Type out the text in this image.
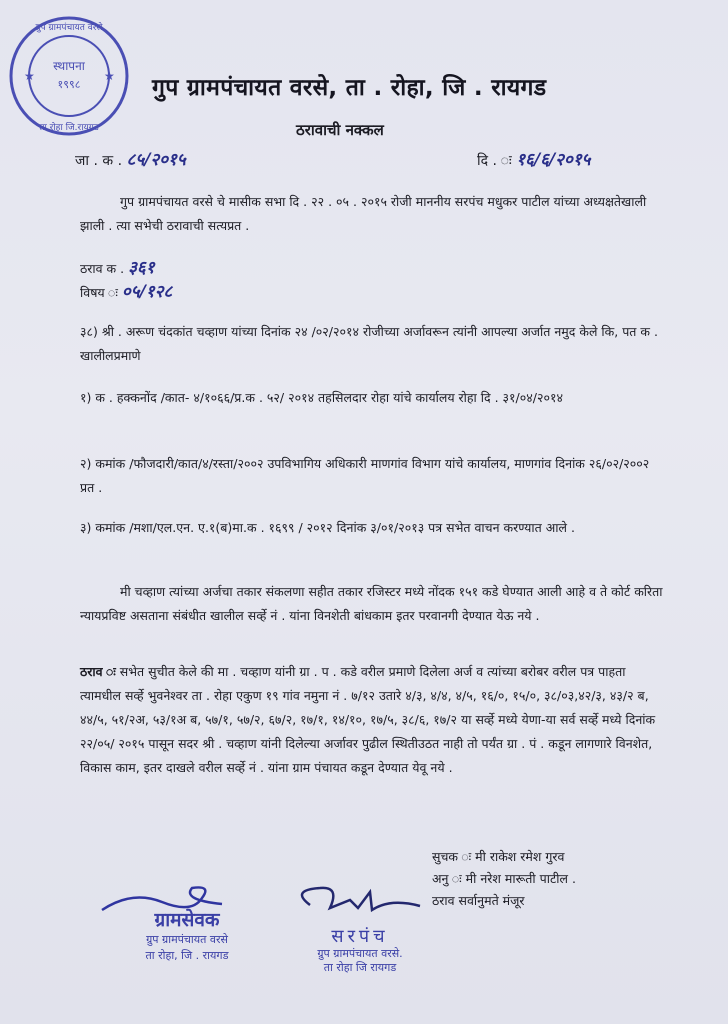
स्थापना
१९९८
ग्रुप ग्रामपंचायत वरसे
ता.रोहा जि.रायगड
★	★ गुप ग्रामपंचायत वरसे, ता . रोहा, जि . रायगड
ठरावाची नक्कल
जा . क . ८५/२०१५	दि . ः १६/६/२०१५
गुप ग्रामपंचायत वरसे चे मासीक सभा दि . २२ . ०५ . २०१५ रोजी माननीय सरपंच मधुकर पाटील यांच्या अध्यक्षतेखाली झाली . त्या सभेची ठरावाची सत्यप्रत .
ठराव क . ३६१
विषय ः ०५/१२८
३८) श्री . अरूण चंदकांत चव्हाण यांच्या दिनांक २४ /०२/२०१४ रोजीच्या अर्जावरून त्यांनी आपल्या अर्जात नमुद केले कि, पत क . खालीलप्रमाणे
१) क . हक्कनोंद /कात- ४/१०६६/प्र.क . ५२/ २०१४ तहसिलदार रोहा यांचे कार्यालय रोहा दि . ३१/०४/२०१४
२) कमांक /फौजदारी/कात/४/रस्ता/२००२ उपविभागिय अधिकारी माणगांव विभाग यांचे कार्यालय, माणगांव दिनांक २६/०२/२००२ प्रत .
३) कमांक /मशा/एल.एन. ए.१(ब)मा.क . १६९९ / २०१२ दिनांक ३/०१/२०१३ पत्र सभेत वाचन करण्यात आले .
मी चव्हाण त्यांच्या अर्जचा तकार संकलणा सहीत तकार रजिस्टर मध्ये नोंदक १५१ कडे घेण्यात आली आहे व ते कोर्ट करिता न्यायप्रविष्ट असताना संबंधीत खालील सर्व्हे नं . यांना विनशेती बांधकाम इतर परवानगी देण्यात येऊ नये .
ठराव ः सभेत सुचीत केले की मा . चव्हाण यांनी ग्रा . प . कडे वरील प्रमाणे दिलेला अर्ज व त्यांच्या बरोबर वरील पत्र पाहता त्यामधील सर्व्हे भुवनेश्वर ता . रोहा एकुण १९ गांव नमुना नं . ७/१२ उतारे ४/३, ४/४, ४/५, १६/०, १५/०, ३८/०३,४२/३, ४३/२ ब, ४४/५, ५१/२अ, ५३/१अ ब, ५७/१, ५७/२, ६७/२, १७/१, १४/१०, १७/५, ३८/६, १७/२ या सर्व्हे मध्ये येणा-या सर्व सर्व्हे मध्ये दिनांक २२/०५/ २०१५ पासून सदर श्री . चव्हाण यांनी दिलेल्या अर्जावर पुढील स्थितीउठत नाही तो पर्यंत ग्रा . पं . कडून लागणारे विनशेत, विकास काम, इतर दाखले वरील सर्व्हे नं . यांना ग्राम पंचायत कडून देण्यात येवू नये .
सुचक ः मी राकेश रमेश गुरव
अनु ः मी नरेश मारूती पाटील .
ठराव सर्वानुमते मंजूर
ग्रामसेवक
ग्रुप ग्रामपंचायत वरसे
ता रोहा, जि . रायगड
सरपंच
ग्रुप ग्रामपंचायत वरसे.
ता रोहा जि रायगड
